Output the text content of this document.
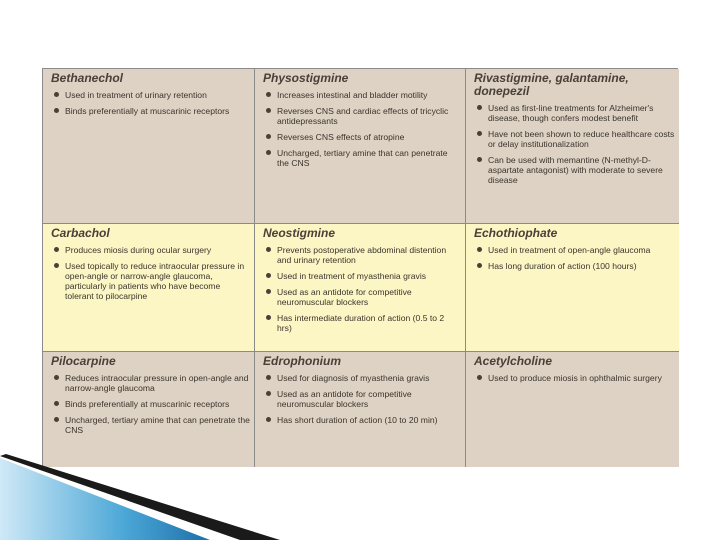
Bethanechol
Used in treatment of urinary retention
Binds preferentially at muscarinic receptors
Physostigmine
Increases intestinal and bladder motility
Reverses CNS and cardiac effects of tricyclic antidepressants
Reverses CNS effects of atropine
Uncharged, tertiary amine that can penetrate the CNS
Rivastigmine, galantamine, donepezil
Used as first-line treatments for Alzheimer's disease, though confers modest benefit
Have not been shown to reduce healthcare costs or delay institutionalization
Can be used with memantine (N-methyl-D-aspartate antagonist) with moderate to severe disease
Carbachol
Produces miosis during ocular surgery
Used topically to reduce intraocular pressure in open-angle or narrow-angle glaucoma, particularly in patients who have become tolerant to pilocarpine
Neostigmine
Prevents postoperative abdominal distention and urinary retention
Used in treatment of myasthenia gravis
Used as an antidote for competitive neuromuscular blockers
Has intermediate duration of action (0.5 to 2 hrs)
Echothiophate
Used in treatment of open-angle glaucoma
Has long duration of action (100 hours)
Pilocarpine
Reduces intraocular pressure in open-angle and narrow-angle glaucoma
Binds preferentially at muscarinic receptors
Uncharged, tertiary amine that can penetrate the CNS
Edrophonium
Used for diagnosis of myasthenia gravis
Used as an antidote for competitive neuromuscular blockers
Has short duration of action (10 to 20 min)
Acetylcholine
Used to produce miosis in ophthalmic surgery
